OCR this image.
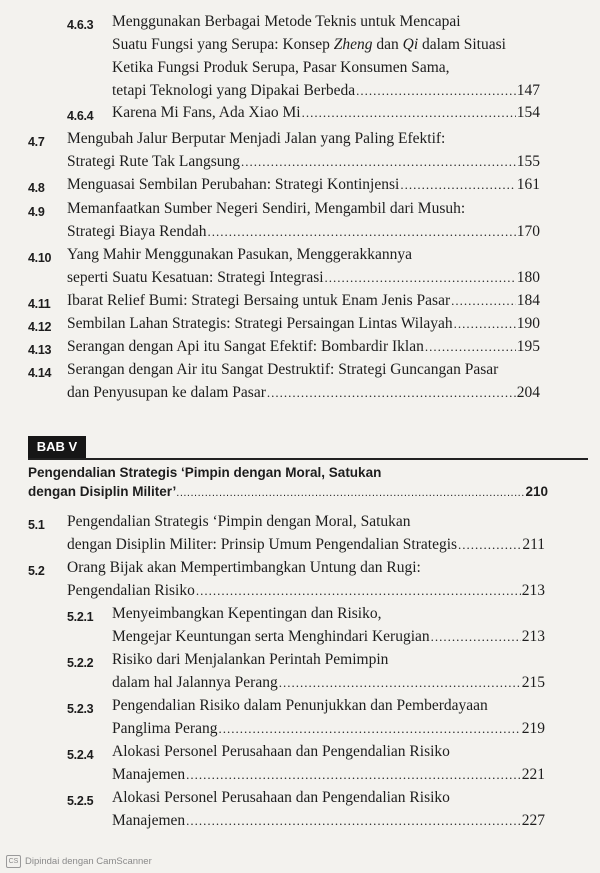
4.6.3 Menggunakan Berbagai Metode Teknis untuk Mencapai
Suatu Fungsi yang Serupa: Konsep Zheng dan Qi dalam Situasi
Ketika Fungsi Produk Serupa, Pasar Konsumen Sama,
tetapi Teknologi yang Dipakai Berbeda .....	147
4.6.4 Karena Mi Fans, Ada Xiao Mi .....	154
4.7 Mengubah Jalur Berputar Menjadi Jalan yang Paling Efektif:
Strategi Rute Tak Langsung .....	155
4.8 Menguasai Sembilan Perubahan: Strategi Kontinjensi .....	161
4.9 Memanfaatkan Sumber Negeri Sendiri, Mengambil dari Musuh:
Strategi Biaya Rendah .....	170
4.10 Yang Mahir Menggunakan Pasukan, Menggerakkannya
seperti Suatu Kesatuan: Strategi Integrasi .....	180
4.11 Ibarat Relief Bumi: Strategi Bersaing untuk Enam Jenis Pasar .....	184
4.12 Sembilan Lahan Strategis: Strategi Persaingan Lintas Wilayah .....	190
4.13 Serangan dengan Api itu Sangat Efektif: Bombardir Iklan .....	195
4.14 Serangan dengan Air itu Sangat Destruktif: Strategi Guncangan Pasar
dan Penyusupan ke dalam Pasar .....	204
BAB V
Pengendalian Strategis ‘Pimpin dengan Moral, Satukan
dengan Disiplin Militer’ .....	210
5.1 Pengendalian Strategis ‘Pimpin dengan Moral, Satukan
dengan Disiplin Militer: Prinsip Umum Pengendalian Strategis .....	211
5.2 Orang Bijak akan Mempertimbangkan Untung dan Rugi:
Pengendalian Risiko .....	213
5.2.1 Menyeimbangkan Kepentingan dan Risiko,
Mengejar Keuntungan serta Menghindari Kerugian .....	213
5.2.2 Risiko dari Menjalankan Perintah Pemimpin
dalam hal Jalannya Perang .....	215
5.2.3 Pengendalian Risiko dalam Penunjukkan dan Pemberdayaan
Panglima Perang .....	219
5.2.4 Alokasi Personel Perusahaan dan Pengendalian Risiko
Manajemen .....	221
5.2.5 Alokasi Personel Perusahaan dan Pengendalian Risiko
Manajemen .....	227
CS Dipindai dengan CamScanner
